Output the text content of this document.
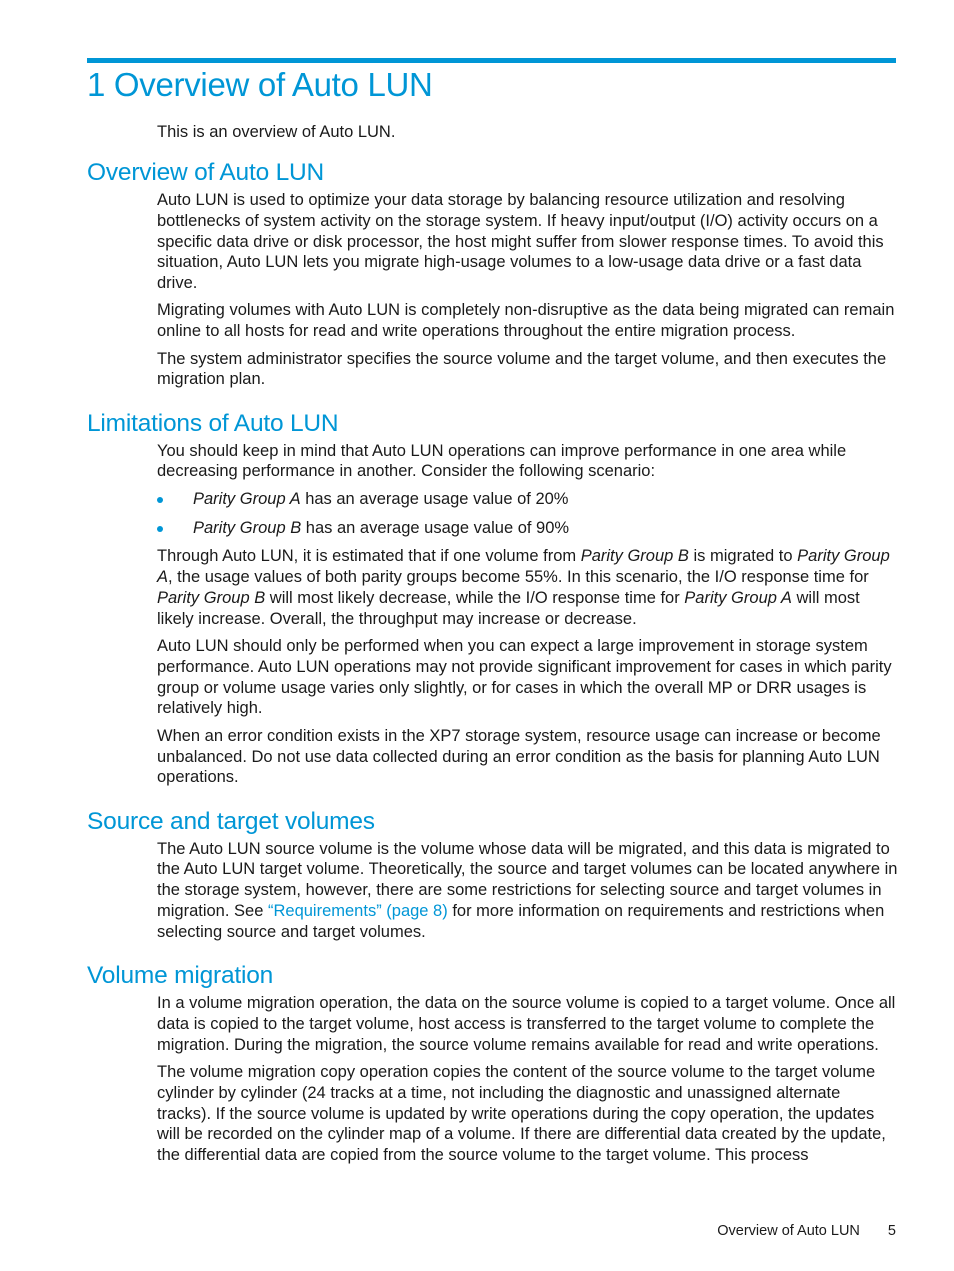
1 Overview of Auto LUN

This is an overview of Auto LUN.

Overview of Auto LUN

Auto LUN is used to optimize your data storage by balancing resource utilization and resolving bottlenecks of system activity on the storage system. If heavy input/output (I/O) activity occurs on a specific data drive or disk processor, the host might suffer from slower response times. To avoid this situation, Auto LUN lets you migrate high-usage volumes to a low-usage data drive or a fast data drive.

Migrating volumes with Auto LUN is completely non-disruptive as the data being migrated can remain online to all hosts for read and write operations throughout the entire migration process.

The system administrator specifies the source volume and the target volume, and then executes the migration plan.

Limitations of Auto LUN

You should keep in mind that Auto LUN operations can improve performance in one area while decreasing performance in another. Consider the following scenario:

Parity Group A has an average usage value of 20%
Parity Group B has an average usage value of 90%

Through Auto LUN, it is estimated that if one volume from Parity Group B is migrated to Parity Group A, the usage values of both parity groups become 55%. In this scenario, the I/O response time for Parity Group B will most likely decrease, while the I/O response time for Parity Group A will most likely increase. Overall, the throughput may increase or decrease.

Auto LUN should only be performed when you can expect a large improvement in storage system performance. Auto LUN operations may not provide significant improvement for cases in which parity group or volume usage varies only slightly, or for cases in which the overall MP or DRR usages is relatively high.

When an error condition exists in the XP7 storage system, resource usage can increase or become unbalanced. Do not use data collected during an error condition as the basis for planning Auto LUN operations.

Source and target volumes

The Auto LUN source volume is the volume whose data will be migrated, and this data is migrated to the Auto LUN target volume. Theoretically, the source and target volumes can be located anywhere in the storage system, however, there are some restrictions for selecting source and target volumes in migration. See “Requirements” (page 8) for more information on requirements and restrictions when selecting source and target volumes.

Volume migration

In a volume migration operation, the data on the source volume is copied to a target volume. Once all data is copied to the target volume, host access is transferred to the target volume to complete the migration. During the migration, the source volume remains available for read and write operations.

The volume migration copy operation copies the content of the source volume to the target volume cylinder by cylinder (24 tracks at a time, not including the diagnostic and unassigned alternate tracks). If the source volume is updated by write operations during the copy operation, the updates will be recorded on the cylinder map of a volume. If there are differential data created by the update, the differential data are copied from the source volume to the target volume. This process

Overview of Auto LUN 5
